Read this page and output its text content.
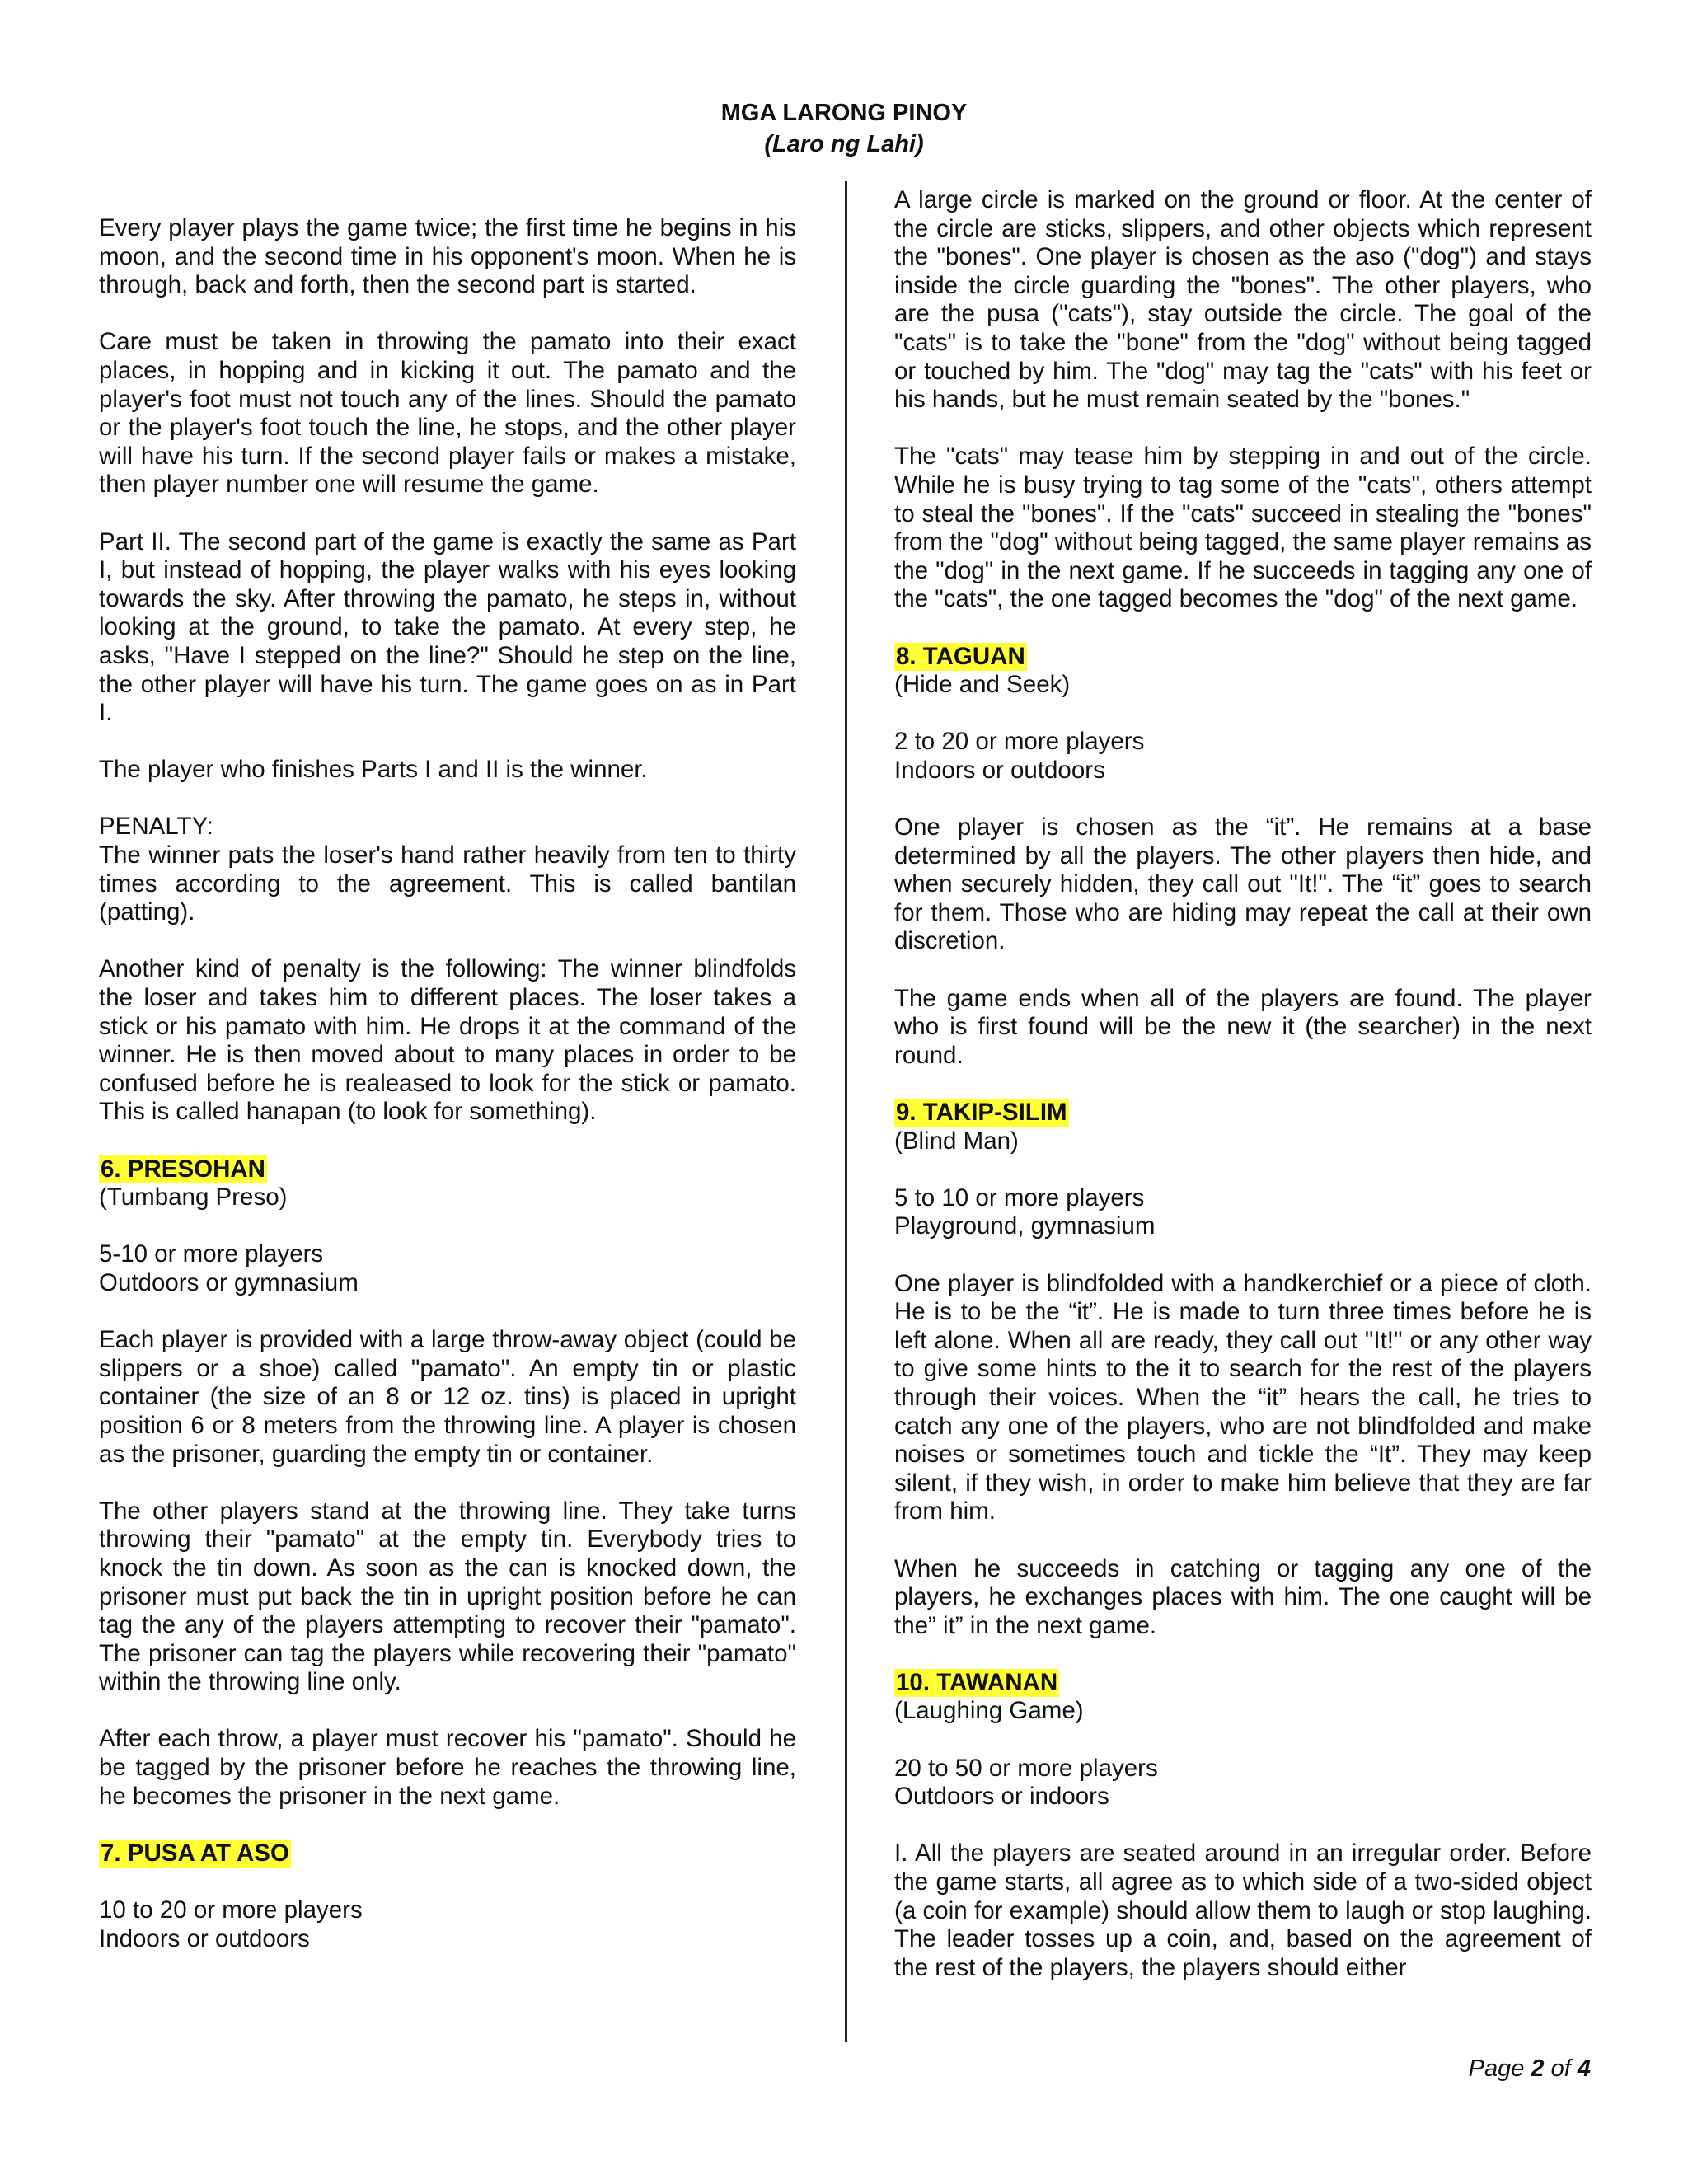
MGA LARONG PINOY
(Laro ng Lahi)

Every player plays the game twice; the first time he begins in his moon, and the second time in his opponent's moon. When he is through, back and forth, then the second part is started.

Care must be taken in throwing the pamato into their exact places, in hopping and in kicking it out. The pamato and the player's foot must not touch any of the lines. Should the pamato or the player's foot touch the line, he stops, and the other player will have his turn. If the second player fails or makes a mistake, then player number one will resume the game.

Part II. The second part of the game is exactly the same as Part I, but instead of hopping, the player walks with his eyes looking towards the sky. After throwing the pamato, he steps in, without looking at the ground, to take the pamato. At every step, he asks, "Have I stepped on the line?" Should he step on the line, the other player will have his turn. The game goes on as in Part I.

The player who finishes Parts I and II is the winner.

PENALTY:
The winner pats the loser's hand rather heavily from ten to thirty times according to the agreement. This is called bantilan (patting).

Another kind of penalty is the following: The winner blindfolds the loser and takes him to different places. The loser takes a stick or his pamato with him. He drops it at the command of the winner. He is then moved about to many places in order to be confused before he is realeased to look for the stick or pamato. This is called hanapan (to look for something).

6. PRESOHAN
(Tumbang Preso)
5-10 or more players
Outdoors or gymnasium

Each player is provided with a large throw-away object (could be slippers or a shoe) called "pamato". An empty tin or plastic container (the size of an 8 or 12 oz. tins) is placed in upright position 6 or 8 meters from the throwing line. A player is chosen as the prisoner, guarding the empty tin or container.

The other players stand at the throwing line. They take turns throwing their "pamato" at the empty tin. Everybody tries to knock the tin down. As soon as the can is knocked down, the prisoner must put back the tin in upright position before he can tag the any of the players attempting to recover their "pamato". The prisoner can tag the players while recovering their "pamato" within the throwing line only.

After each throw, a player must recover his "pamato". Should he be tagged by the prisoner before he reaches the throwing line, he becomes the prisoner in the next game.

7. PUSA AT ASO
10 to 20 or more players
Indoors or outdoors

A large circle is marked on the ground or floor. At the center of the circle are sticks, slippers, and other objects which represent the "bones". One player is chosen as the aso ("dog") and stays inside the circle guarding the "bones". The other players, who are the pusa ("cats"), stay outside the circle. The goal of the "cats" is to take the "bone" from the "dog" without being tagged or touched by him. The "dog" may tag the "cats" with his feet or his hands, but he must remain seated by the "bones."

The "cats" may tease him by stepping in and out of the circle. While he is busy trying to tag some of the "cats", others attempt to steal the "bones". If the "cats" succeed in stealing the "bones" from the "dog" without being tagged, the same player remains as the "dog" in the next game. If he succeeds in tagging any one of the "cats", the one tagged becomes the "dog" of the next game.

8. TAGUAN
(Hide and Seek)
2 to 20 or more players
Indoors or outdoors

One player is chosen as the “it”. He remains at a base determined by all the players. The other players then hide, and when securely hidden, they call out "It!". The “it” goes to search for them. Those who are hiding may repeat the call at their own discretion.

The game ends when all of the players are found. The player who is first found will be the new it (the searcher) in the next round.

9. TAKIP-SILIM
(Blind Man)
5 to 10 or more players
Playground, gymnasium

One player is blindfolded with a handkerchief or a piece of cloth. He is to be the “it”. He is made to turn three times before he is left alone. When all are ready, they call out "It!" or any other way to give some hints to the it to search for the rest of the players through their voices. When the “it” hears the call, he tries to catch any one of the players, who are not blindfolded and make noises or sometimes touch and tickle the “It”. They may keep silent, if they wish, in order to make him believe that they are far from him.

When he succeeds in catching or tagging any one of the players, he exchanges places with him. The one caught will be the” it” in the next game.

10. TAWANAN
(Laughing Game)
20 to 50 or more players
Outdoors or indoors

I. All the players are seated around in an irregular order. Before the game starts, all agree as to which side of a two-sided object (a coin for example) should allow them to laugh or stop laughing. The leader tosses up a coin, and, based on the agreement of the rest of the players, the players should either

Page 2 of 4
